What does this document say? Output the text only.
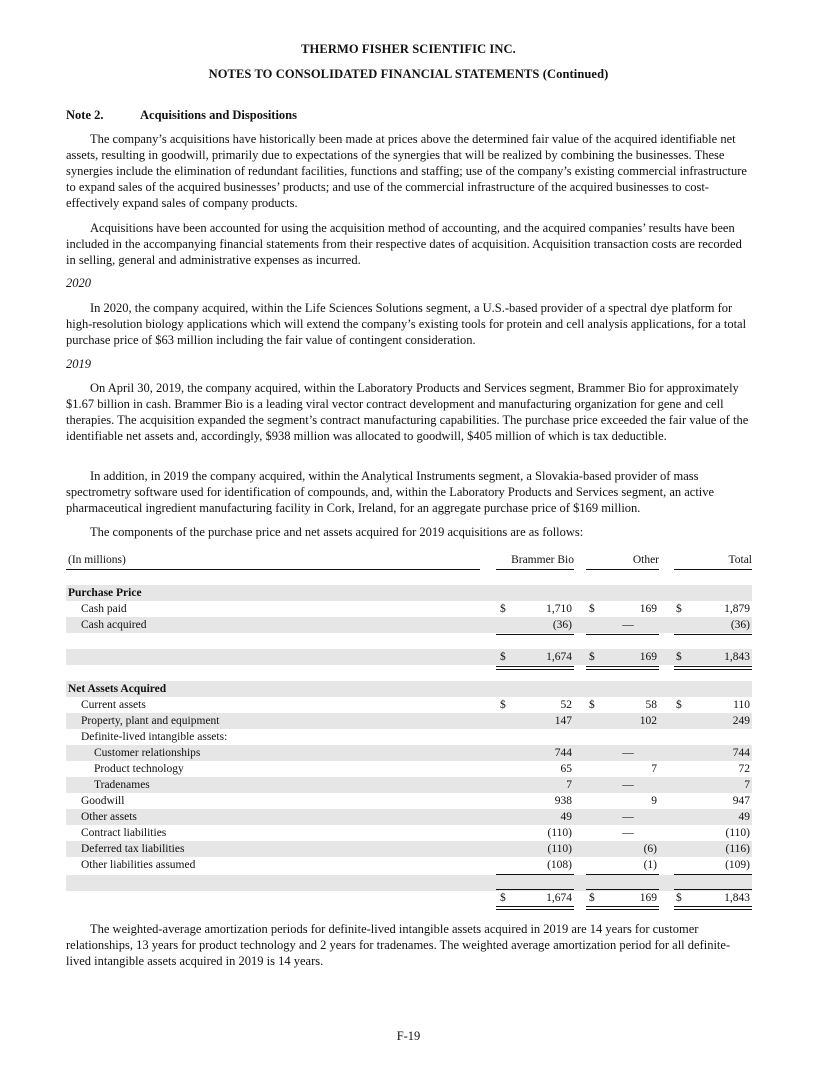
THERMO FISHER SCIENTIFIC INC.
NOTES TO CONSOLIDATED FINANCIAL STATEMENTS (Continued)
Note 2.	Acquisitions and Dispositions

The company’s acquisitions have historically been made at prices above the determined fair value of the acquired identifiable net assets, resulting in goodwill, primarily due to expectations of the synergies that will be realized by combining the businesses. These synergies include the elimination of redundant facilities, functions and staffing; use of the company’s existing commercial infrastructure to expand sales of the acquired businesses’ products; and use of the commercial infrastructure of the acquired businesses to cost-effectively expand sales of company products.

Acquisitions have been accounted for using the acquisition method of accounting, and the acquired companies’ results have been included in the accompanying financial statements from their respective dates of acquisition. Acquisition transaction costs are recorded in selling, general and administrative expenses as incurred.

2020

In 2020, the company acquired, within the Life Sciences Solutions segment, a U.S.-based provider of a spectral dye platform for high-resolution biology applications which will extend the company’s existing tools for protein and cell analysis applications, for a total purchase price of $63 million including the fair value of contingent consideration.

2019

On April 30, 2019, the company acquired, within the Laboratory Products and Services segment, Brammer Bio for approximately $1.67 billion in cash. Brammer Bio is a leading viral vector contract development and manufacturing organization for gene and cell therapies. The acquisition expanded the segment’s contract manufacturing capabilities. The purchase price exceeded the fair value of the identifiable net assets and, accordingly, $938 million was allocated to goodwill, $405 million of which is tax deductible.

In addition, in 2019 the company acquired, within the Analytical Instruments segment, a Slovakia-based provider of mass spectrometry software used for identification of compounds, and, within the Laboratory Products and Services segment, an active pharmaceutical ingredient manufacturing facility in Cork, Ireland, for an aggregate purchase price of $169 million.

The components of the purchase price and net assets acquired for 2019 acquisitions are as follows:

(In millions)	Brammer Bio	Other	Total
Purchase Price
Cash paid	$	1,710 $	169 $	1,879
Cash acquired	(36)	—	(36)
$	1,674 $	169 $	1,843
Net Assets Acquired
Current assets	$	52 $	58 $	110
Property, plant and equipment	147	102	249
Definite-lived intangible assets:
Customer relationships	744	—	744
Product technology	65	7	72
Tradenames	7	—	7
Goodwill	938	9	947
Other assets	49	—	49
Contract liabilities	(110)	—	(110)
Deferred tax liabilities	(110)	(6)	(116)
Other liabilities assumed	(108)	(1)	(109)
$	1,674 $	169 $	1,843

The weighted-average amortization periods for definite-lived intangible assets acquired in 2019 are 14 years for customer relationships, 13 years for product technology and 2 years for tradenames. The weighted average amortization period for all definite-lived intangible assets acquired in 2019 is 14 years.

F-19
